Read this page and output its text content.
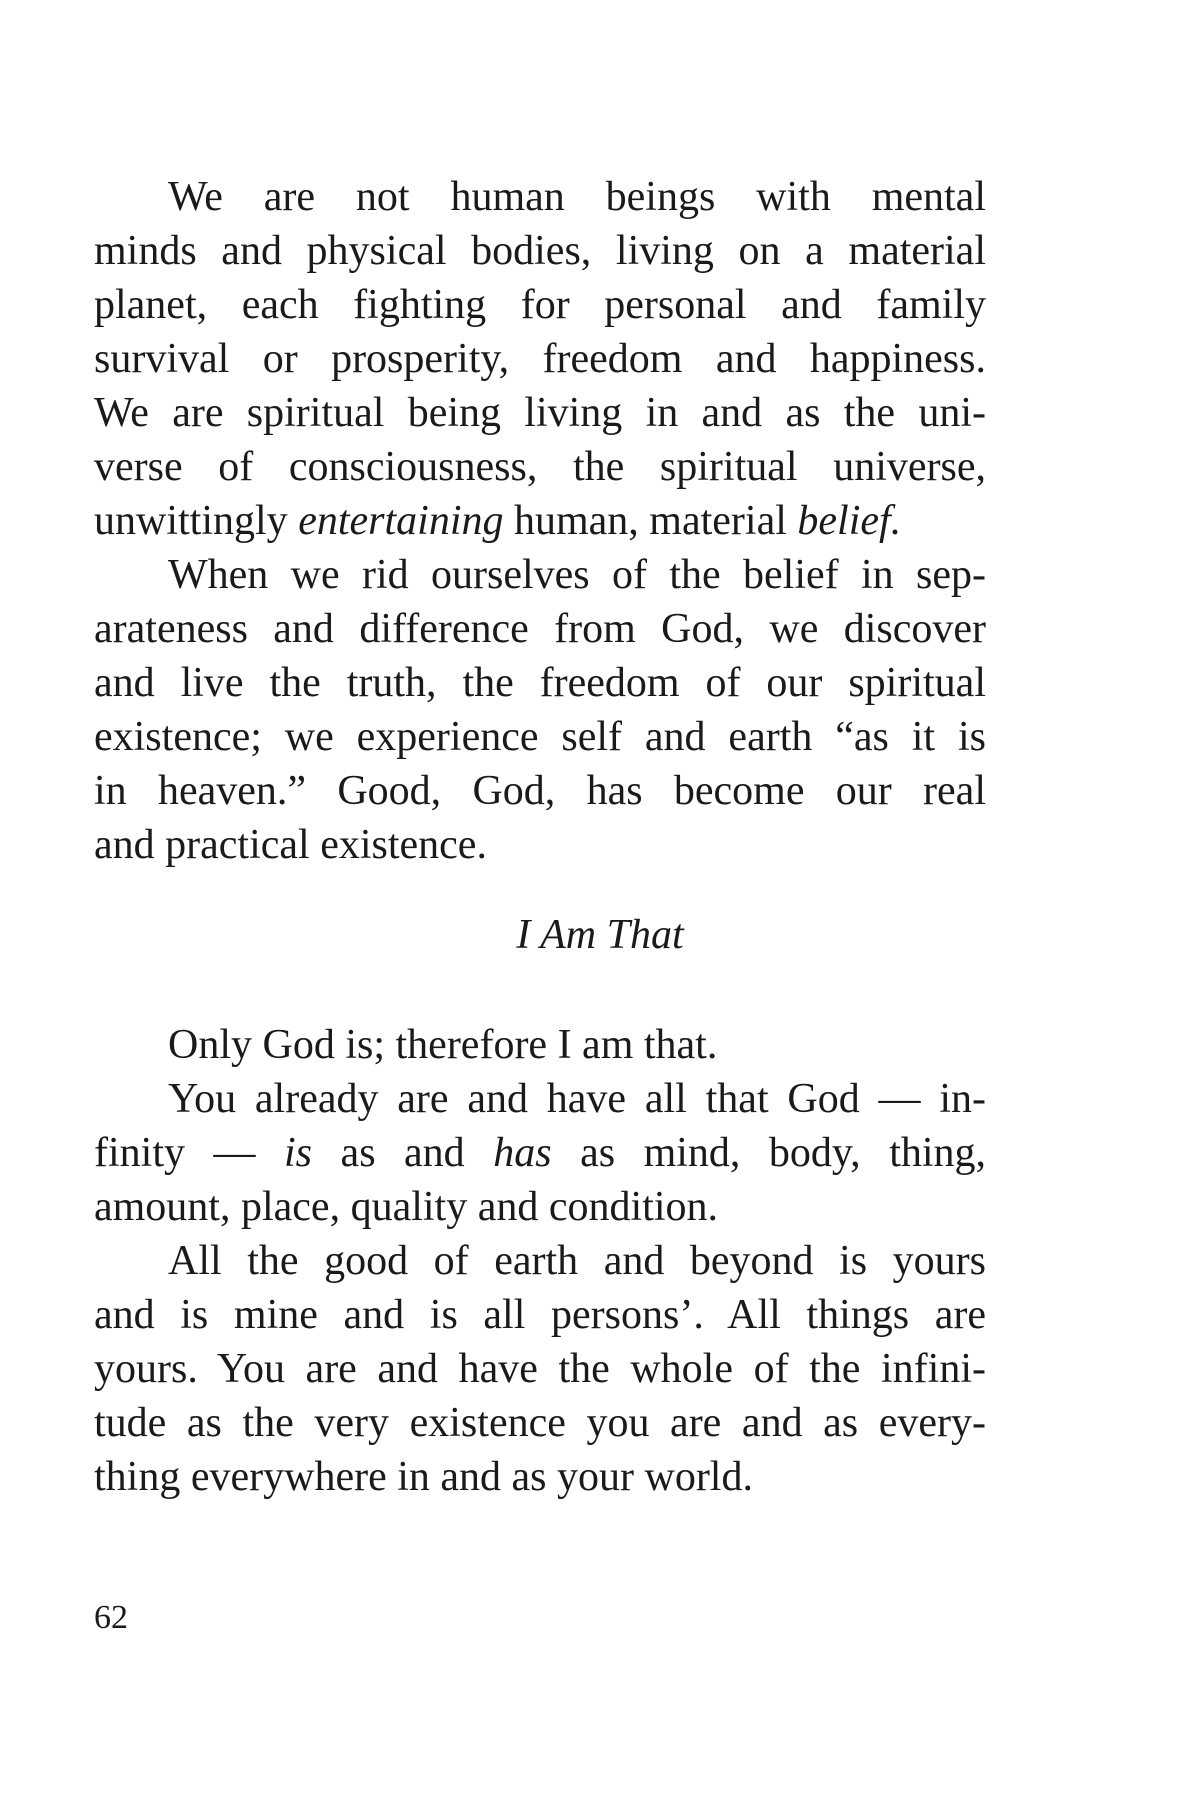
We are not human beings with mental
minds and physical bodies, living on a material
planet, each fighting for personal and family
survival or prosperity, freedom and happiness.
We are spiritual being living in and as the uni-
verse of consciousness, the spiritual universe,
unwittingly entertaining human, material belief.
When we rid ourselves of the belief in sep-
arateness and difference from God, we discover
and live the truth, the freedom of our spiritual
existence; we experience self and earth “as it is
in heaven.” Good, God, has become our real
and practical existence.
I Am That
Only God is; therefore I am that.
You already are and have all that God — in-
finity — is as and has as mind, body, thing,
amount, place, quality and condition.
All the good of earth and beyond is yours
and is mine and is all persons’. All things are
yours. You are and have the whole of the infini-
tude as the very existence you are and as every-
thing everywhere in and as your world.
62
